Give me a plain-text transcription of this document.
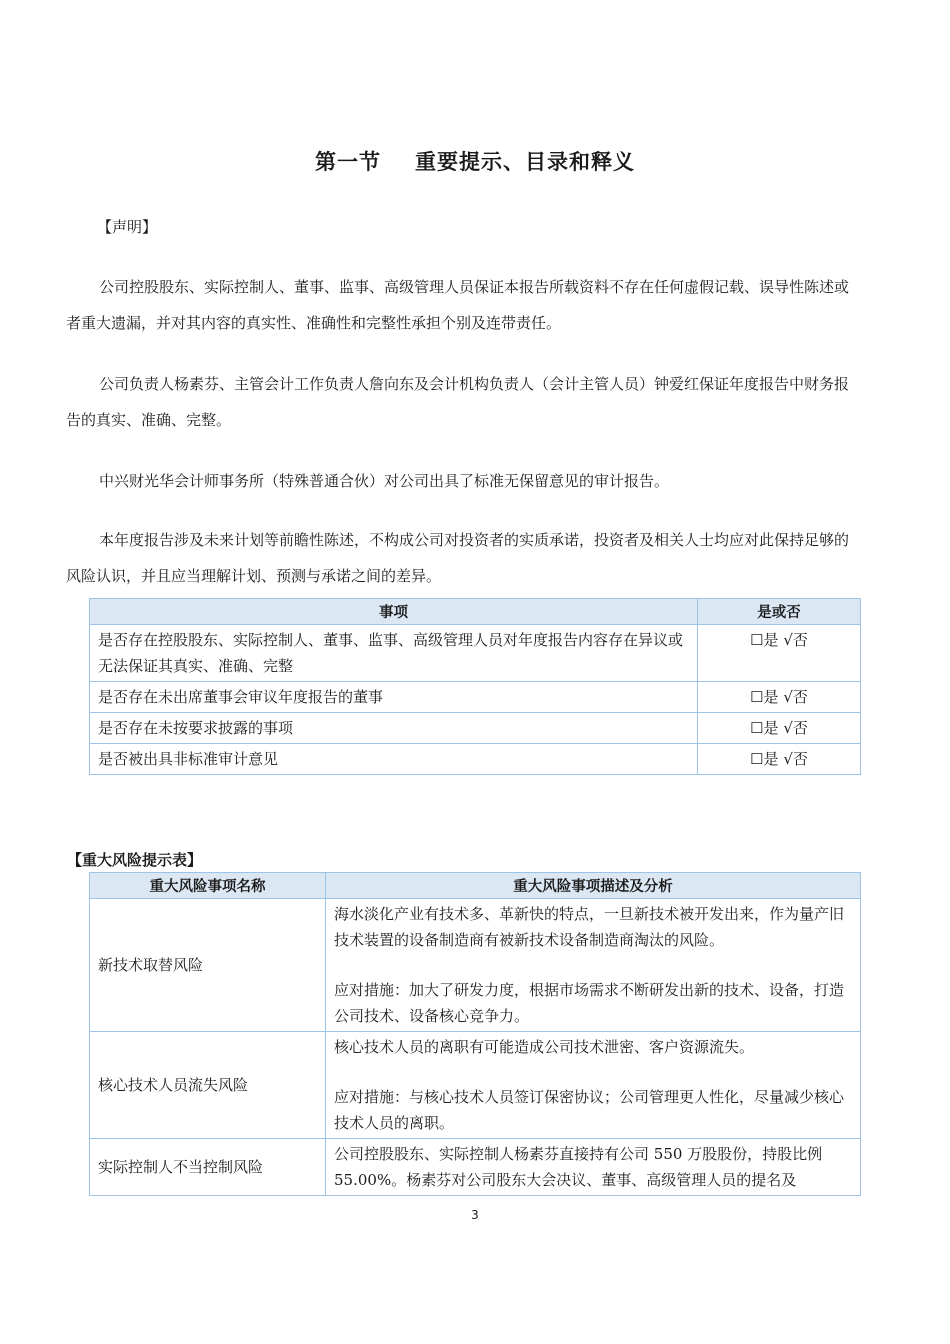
第一节 重要提示、目录和释义
【声明】

公司控股股东、实际控制人、董事、监事、高级管理人员保证本报告所载资料不存在任何虚假记载、误导性陈述或者重大遗漏，并对其内容的真实性、准确性和完整性承担个别及连带责任。

公司负责人杨素芬、主管会计工作负责人詹向东及会计机构负责人（会计主管人员）钟爱红保证年度报告中财务报告的真实、准确、完整。

中兴财光华会计师事务所（特殊普通合伙）对公司出具了标准无保留意见的审计报告。

本年度报告涉及未来计划等前瞻性陈述，不构成公司对投资者的实质承诺，投资者及相关人士均应对此保持足够的风险认识，并且应当理解计划、预测与承诺之间的差异。

事项	是或否
是否存在控股股东、实际控制人、董事、监事、高级管理人员对年度报告内容存在异议或无法保证其真实、准确、完整	☐是 √否
是否存在未出席董事会审议年度报告的董事	☐是 √否
是否存在未按要求披露的事项	☐是 √否
是否被出具非标准审计意见	☐是 √否
【重大风险提示表】
重大风险事项名称	重大风险事项描述及分析
新技术取替风险	海水淡化产业有技术多、革新快的特点，一旦新技术被开发出来，作为量产旧技术装置的设备制造商有被新技术设备制造商淘汰的风险。

应对措施：加大了研发力度，根据市场需求不断研发出新的技术、设备，打造公司技术、设备核心竞争力。

核心技术人员流失风险	核心技术人员的离职有可能造成公司技术泄密、客户资源流失。

应对措施：与核心技术人员签订保密协议；公司管理更人性化，尽量减少核心技术人员的离职。

实际控制人不当控制风险	公司控股股东、实际控制人杨素芬直接持有公司 550 万股股份，持股比例 55.00%。杨素芬对公司股东大会决议、董事、高级管理人员的提名及

3
